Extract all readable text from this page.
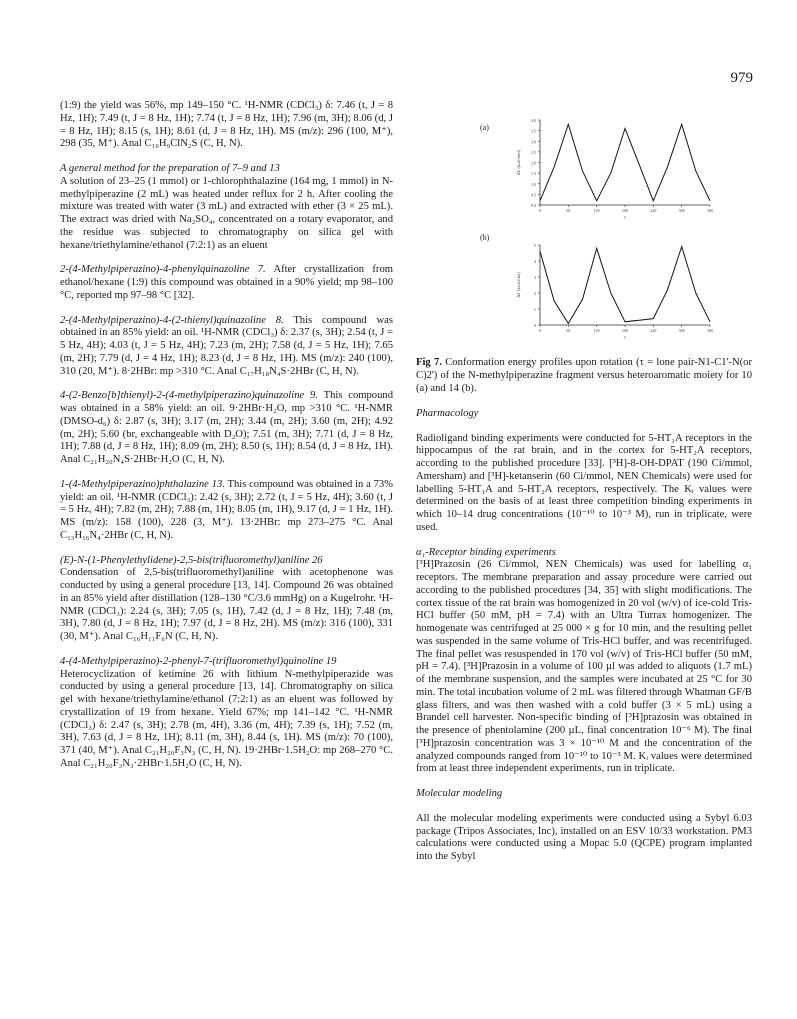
979
(1:9) the yield was 56%, mp 149–150 °C. ¹H-NMR (CDCl₃) δ: 7.46 (t, J = 8 Hz, 1H); 7.49 (t, J = 8 Hz, 1H); 7.74 (t, J = 8 Hz, 1H); 7.96 (m, 3H); 8.06 (d, J = 8 Hz, 1H); 8.15 (s, 1H); 8.61 (d, J = 8 Hz, 1H). MS (m/z): 296 (100, M⁺), 298 (35, M⁺). Anal C₁₆H₉ClN₂S (C, H, N).
A general method for the preparation of 7–9 and 13
A solution of 23–25 (1 mmol) or 1-chlorophthalazine (164 mg, 1 mmol) in N-methylpiperazine (2 mL) was heated under reflux for 2 h. After cooling the mixture was treated with water (3 mL) and extracted with ether (3 × 25 mL). The extract was dried with Na₂SO₄, concentrated on a rotary evaporator, and the residue was subjected to chromatography on silica gel with hexane/triethylamine/ethanol (7:2:1) as an eluent
2-(4-Methylpiperazino)-4-phenylquinazoline 7. After crystallization from ethanol/hexane (1:9) this compound was obtained in a 90% yield; mp 98–100 °C, reported mp 97–98 °C [32].
2-(4-Methylpiperazino)-4-(2-thienyl)quinazoline 8. This compound was obtained in an 85% yield: an oil. ¹H-NMR (CDCl₃) δ: 2.37 (s, 3H); 2.54 (t, J = 5 Hz, 4H); 4.03 (t, J = 5 Hz, 4H); 7.23 (m, 2H); 7.58 (d, J = 5 Hz, 1H); 7.65 (m, 2H); 7.79 (d, J = 4 Hz, 1H); 8.23 (d, J = 8 Hz, 1H). MS (m/z): 240 (100), 310 (20, M⁺). 8·2HBr: mp >310 °C. Anal C₁₇H₁₈N₄S·2HBr (C, H, N).
4-(2-Benzo[b]thienyl)-2-(4-methylpiperazino)quinazoline 9. This compound was obtained in a 58% yield: an oil. 9·2HBr·H₂O, mp >310 °C. ¹H-NMR (DMSO-d₆) δ: 2.87 (s, 3H); 3.17 (m, 2H); 3.44 (m, 2H); 3.60 (m, 2H); 4.92 (m, 2H); 5.60 (br, exchangeable with D₂O); 7.51 (m, 3H); 7.71 (d, J = 8 Hz, 1H); 7.88 (d, J = 8 Hz, 1H); 8.09 (m, 2H); 8.50 (s, 1H); 8.54 (d, J = 8 Hz, 1H). Anal C₂₁H₂₀N₄S·2HBr·H₂O (C, H, N).
1-(4-Methylpiperazino)phthalazine 13. This compound was obtained in a 73% yield: an oil. ¹H-NMR (CDCl₃): 2.42 (s, 3H); 2.72 (t, J = 5 Hz, 4H); 3.60 (t, J = 5 Hz, 4H); 7.82 (m, 2H); 7.88 (m, 1H); 8.05 (m, 1H), 9.17 (d, J = 1 Hz, 1H). MS (m/z): 158 (100), 228 (3, M⁺). 13·2HBr: mp 273–275 °C. Anal C₁₃H₁₆N₄·2HBr (C, H, N).
(E)-N-(1-Phenylethylidene)-2,5-bis(trifluoromethyl)aniline 26
Condensation of 2,5-bis(trifluoromethyl)aniline with acetophenone was conducted by using a general procedure [13, 14]. Compound 26 was obtained in an 85% yield after distillation (128–130 °C/3.6 mmHg) on a Kugelrohr. ¹H-NMR (CDCl₃): 2.24 (s, 3H); 7.05 (s, 1H), 7.42 (d, J = 8 Hz, 1H); 7.48 (m, 3H), 7.80 (d, J = 8 Hz, 1H); 7.97 (d, J = 8 Hz, 2H). MS (m/z): 316 (100), 331 (30, M⁺). Anal C₁₆H₁₁F₆N (C, H, N).
4-(4-Methylpiperazino)-2-phenyl-7-(trifluoromethyl)quinoline 19
Heterocyclization of ketimine 26 with lithium N-methylpiperazide was conducted by using a general procedure [13, 14]. Chromatography on silica gel with hexane/triethylamine/ethanol (7:2:1) as an eluent was followed by crystallization of 19 from hexane. Yield 67%; mp 141–142 °C. ¹H-NMR (CDCl₃) δ: 2.47 (s, 3H); 2.78 (m, 4H), 3.36 (m, 4H); 7.39 (s, 1H); 7.52 (m, 3H), 7.63 (d, J = 8 Hz, 1H); 8.11 (m, 3H), 8.44 (s, 1H). MS (m/z): 70 (100), 371 (40, M⁺). Anal C₂₁H₂₀F₃N₃ (C, H, N). 19·2HBr·1.5H₂O: mp 268–270 °C. Anal C₂₁H₂₀F₃N₃·2HBr·1.5H₂O (C, H, N).
(a)
4.0
3.5
3.0
2.5
2.0
1.5
1.0
0.5
0.0
0	60	120	180	240	300	360
ΔE (kcal/mol)
τ
(b)
5
4
3
2
1
0
0	60	120	180	240	300	360
ΔE (kcal/mol)
τ
Fig 7. Conformation energy profiles upon rotation (τ = lone pair-N1-C1'-N(or C)2') of the N-methylpiperazine fragment versus heteroaromatic moiety for 10 (a) and 14 (b).
Pharmacology
Radioligand binding experiments were conducted for 5-HT₁A receptors in the hippocampus of the rat brain, and in the cortex for 5-HT₂A receptors, according to the published procedure [33]. [³H]-8-OH-DPAT (190 Ci/mmol, Amersham) and [³H]-ketanserin (60 Ci/mmol, NEN Chemicals) were used for labelling 5-HT₁A and 5-HT₂A receptors, respectively. The Kᵢ values were determined on the basis of at least three competition binding experiments in which 10–14 drug concentrations (10⁻¹⁰ to 10⁻³ M), run in triplicate, were used.
α₁-Receptor binding experiments
[³H]Prazosin (26 Ci/mmol, NEN Chemicals) was used for labelling α₁ receptors. The membrane preparation and assay procedure were carried out according to the published procedures [34, 35] with slight modifications. The cortex tissue of the rat brain was homogenized in 20 vol (w/v) of ice-cold Tris-HCl buffer (50 mM, pH = 7.4) with an Ultra Turrax homogenizer. The homogenate was centrifuged at 25 000 × g for 10 min, and the resulting pellet was suspended in the same volume of Tris-HCl buffer, and was recentrifuged. The final pellet was resuspended in 170 vol (w/v) of Tris-HCl buffer (50 mM, pH = 7.4). [³H]Prazosin in a volume of 100 µl was added to aliquots (1.7 mL) of the membrane suspension, and the samples were incubated at 25 °C for 30 min. The total incubation volume of 2 mL was filtered through Whatman GF/B glass filters, and was then washed with a cold buffer (3 × 5 mL) using a Brandel cell harvester. Non-specific binding of [³H]prazosin was obtained in the presence of phentolamine (200 µL, final concentration 10⁻⁶ M). The final [³H]prazosin concentration was 3 × 10⁻¹⁰ M and the concentration of the analyzed compounds ranged from 10⁻¹⁰ to 10⁻³ M. Kᵢ values were determined from at least three independent experiments, run in triplicate.
Molecular modeling
All the molecular modeling experiments were conducted using a Sybyl 6.03 package (Tripos Associates, Inc), installed on an ESV 10/33 workstation. PM3 calculations were conducted using a Mopac 5.0 (QCPE) program implanted into the Sybyl
